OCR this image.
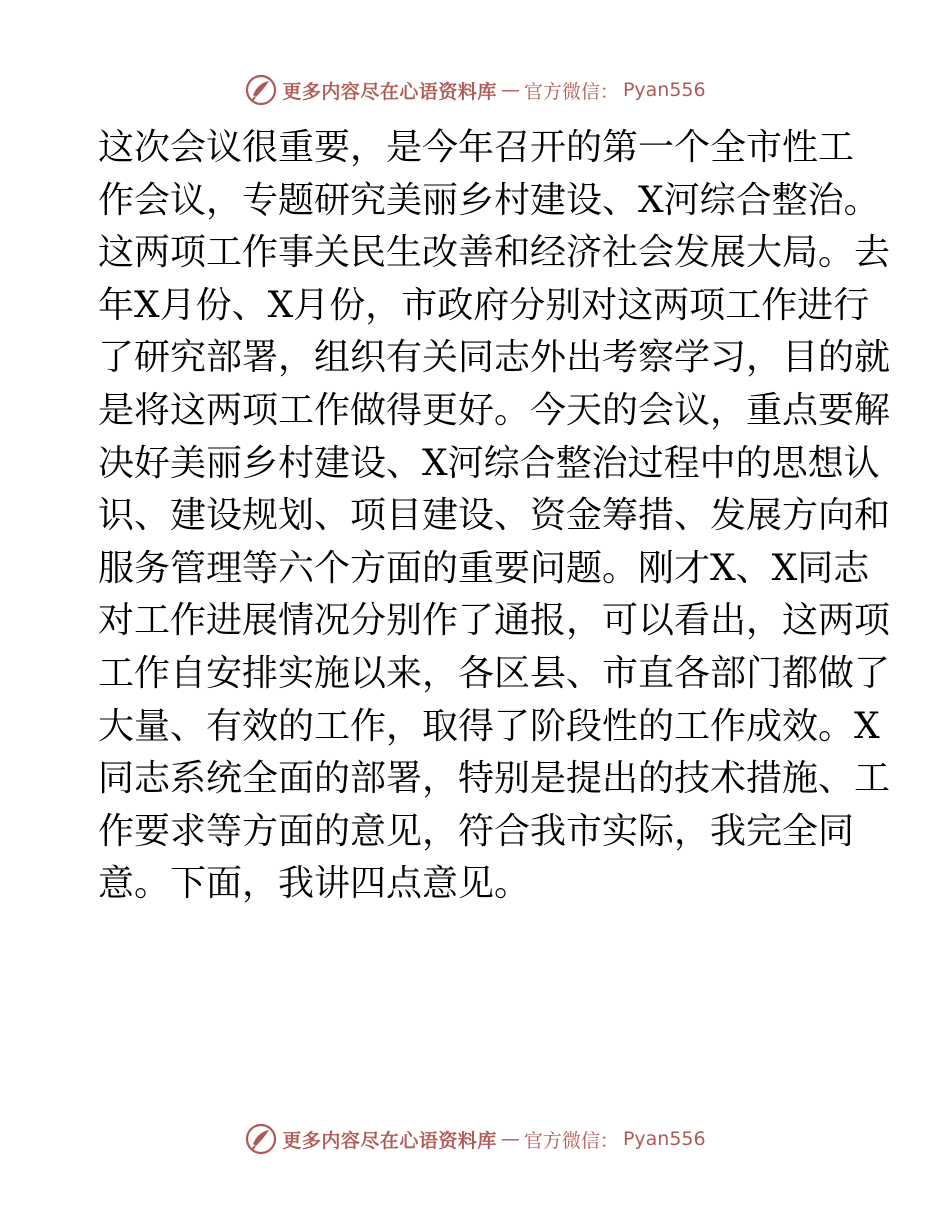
更多内容尽在心语资料库 — 官方微信： Pyan556
这次会议很重要，是今年召开的第一个全市性工
作会议，专题研究美丽乡村建设、X河综合整治。
这两项工作事关民生改善和经济社会发展大局。去
年X月份、X月份，市政府分别对这两项工作进行
了研究部署，组织有关同志外出考察学习，目的就
是将这两项工作做得更好。今天的会议，重点要解
决好美丽乡村建设、X河综合整治过程中的思想认
识、建设规划、项目建设、资金筹措、发展方向和
服务管理等六个方面的重要问题。刚才X、X同志
对工作进展情况分别作了通报，可以看出，这两项
工作自安排实施以来，各区县、市直各部门都做了
大量、有效的工作，取得了阶段性的工作成效。X
同志系统全面的部署，特别是提出的技术措施、工
作要求等方面的意见，符合我市实际，我完全同
意。下面，我讲四点意见。
更多内容尽在心语资料库 — 官方微信： Pyan556
